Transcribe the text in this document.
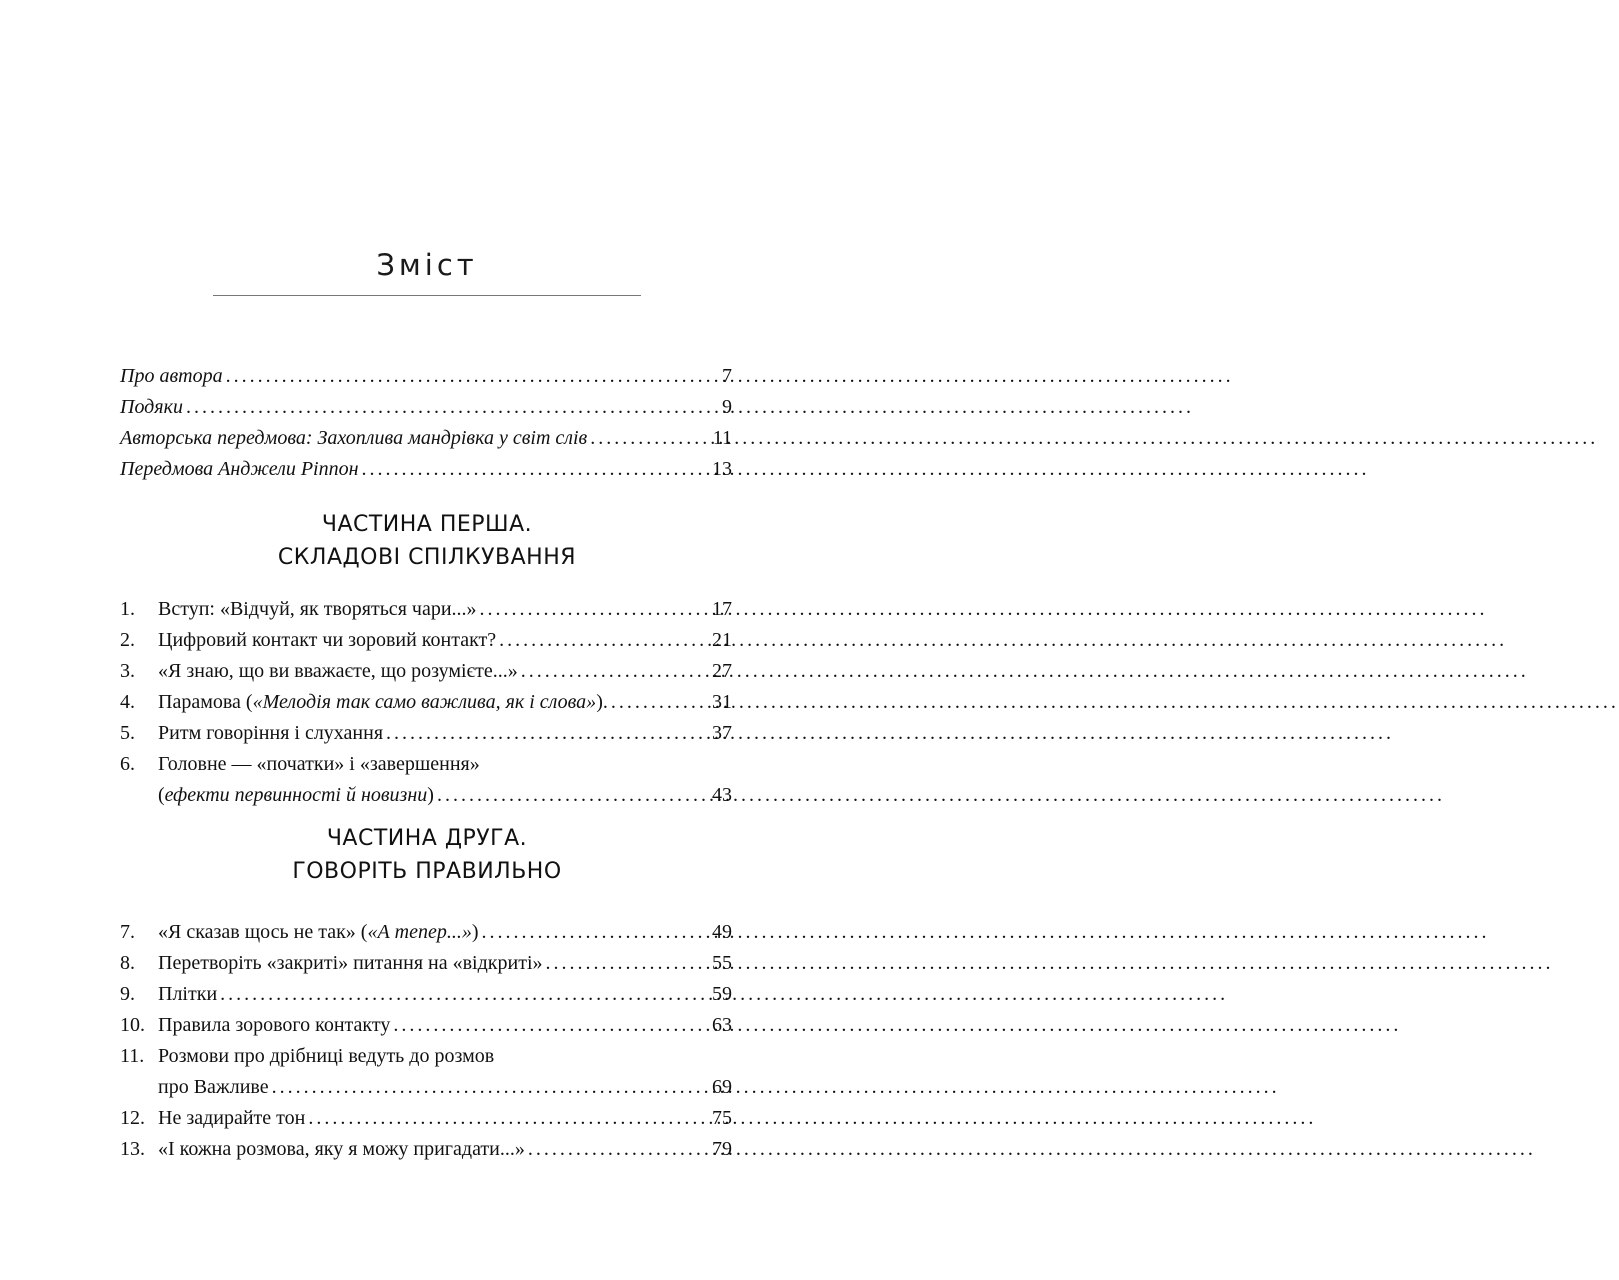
Зміст
Про автора .....	7
Подяки .....	9
Авторська передмова: Захоплива мандрівка у світ слів .....	11
Передмова Анджели Ріппон .....	13
ЧАСТИНА ПЕРША.
СКЛАДОВІ СПІЛКУВАННЯ
1.	Вступ: «Відчуй, як творяться чари...» .....	17
2.	Цифровий контакт чи зоровий контакт? .....	21
3.	«Я знаю, що ви вважаєте, що розумієте...» .....	27
4.	Парамова («Мелодія так само важлива, як і слова»). .....	31
5.	Ритм говоріння і слухання .....	37
6.	Головне — «початки» і «завершення»
(ефекти первинності й новизни) .....	43
ЧАСТИНА ДРУГА.
ГОВОРІТЬ ПРАВИЛЬНО
7.	«Я сказав щось не так» («А тепер...») .....	49
8.	Перетворіть «закриті» питання на «відкриті» .....	55
9.	Плітки .....	59
10. Правила зорового контакту .....	63
11. Розмови про дрібниці ведуть до розмов
про Важливе .....	69
12. Не задирайте тон .....	75
13. «І кожна розмова, яку я можу пригадати...» .....	79
